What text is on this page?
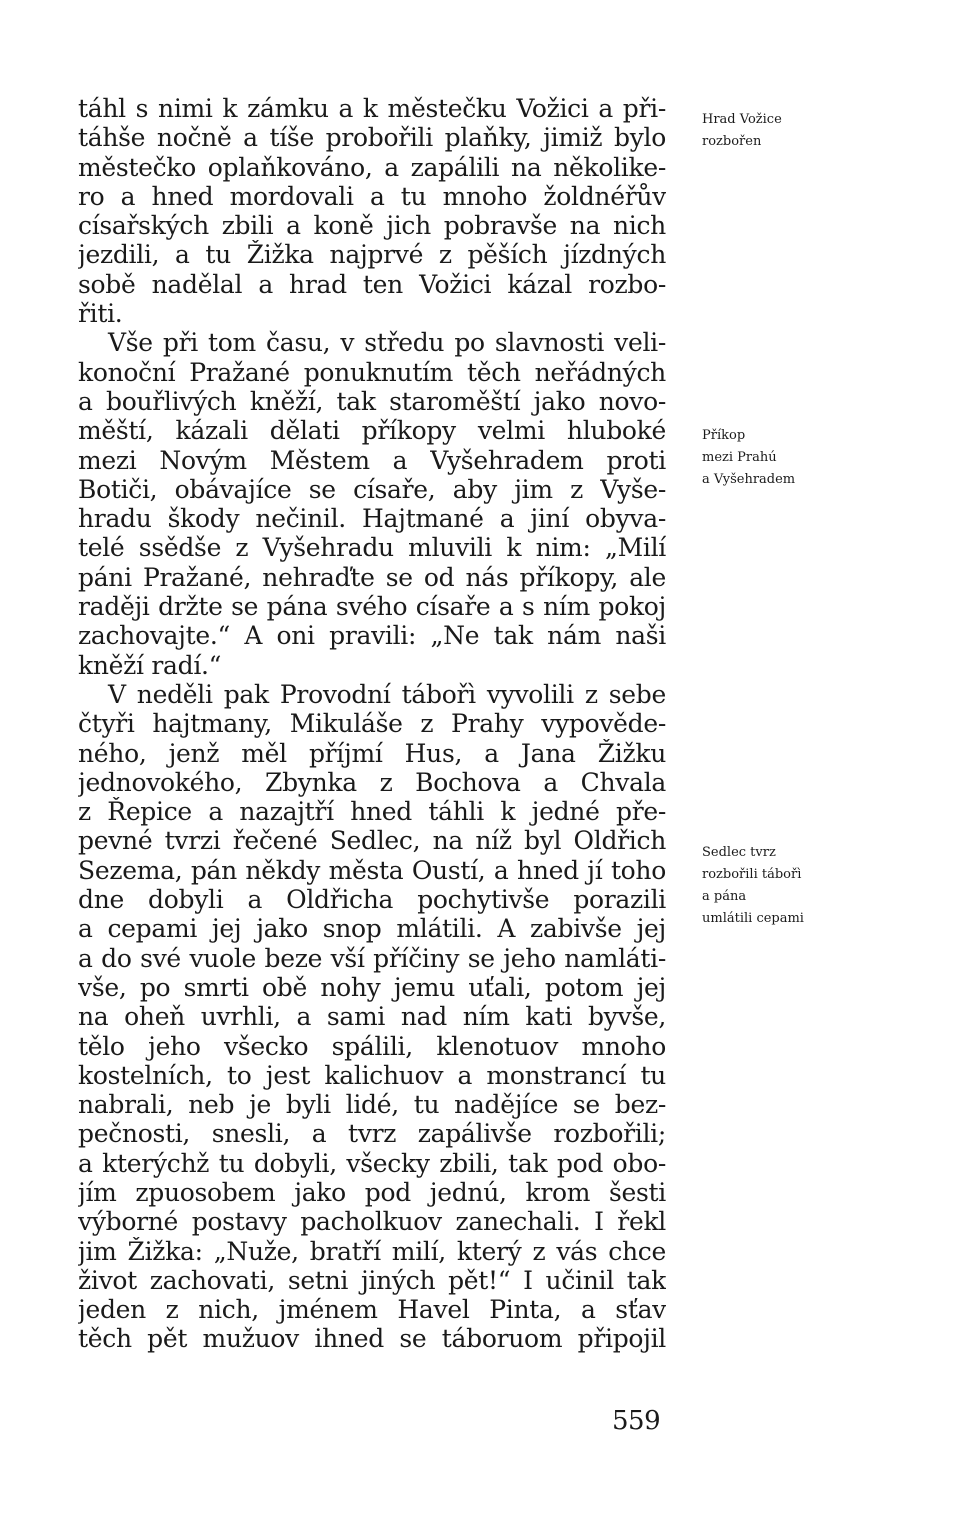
táhl s nimi k zámku a k městečku Vožici a při-
táhše nočně a tíše probořili plaňky, jimiž bylo
městečko oplaňkováno, a zapálili na několike-
ro a hned mordovali a tu mnoho žoldnéřův
císařských zbili a koně jich pobravše na nich
jezdili, a tu Žižka najprvé z pěších jízdných
sobě nadělal a hrad ten Vožici kázal rozbo-
řiti.
Vše při tom času, v středu po slavnosti veli-
konoční Pražané ponuknutím těch neřádných
a bouřlivých kněží, tak staroměští jako novo-
měští, kázali dělati příkopy velmi hluboké
mezi Novým Městem a Vyšehradem proti
Botiči, obávajíce se císaře, aby jim z Vyše-
hradu škody nečinil. Hajtmané a jiní obyva-
telé ssědše z Vyšehradu mluvili k nim: „Milí
páni Pražané, nehraďte se od nás příkopy, ale
raději držte se pána svého císaře a s ním pokoj
zachovajte.“ A oni pravili: „Ne tak nám naši
kněží radí.“
V neděli pak Provodní tábořì vyvolili z sebe
čtyři hajtmany, Mikuláše z Prahy vypověde-
ného, jenž měl příjmí Hus, a Jana Žižku
jednovokého, Zbynka z Bochova a Chvala
z Řepice a nazajtří hned táhli k jedné pře-
pevné tvrzi řečené Sedlec, na níž byl Oldřich
Sezema, pán někdy města Oustí, a hned jí toho
dne dobyli a Oldřicha pochytivše porazili
a cepami jej jako snop mlátili. A zabivše jej
a do své vuole beze vší příčiny se jeho namláti-
vše, po smrti obě nohy jemu uťali, potom jej
na oheň uvrhli, a sami nad ním kati byvše,
tělo jeho všecko spálili, klenotuov mnoho
kostelních, to jest kalichuov a monstrancí tu
nabrali, neb je byli lidé, tu nadějíce se bez-
pečnosti, snesli, a tvrz zapálivše rozbořili;
a kterýchž tu dobyli, všecky zbili, tak pod obo-
jím zpuosobem jako pod jednú, krom šesti
výborné postavy pacholkuov zanechali. I řekl
jim Žižka: „Nuže, bratří milí, který z vás chce
život zachovati, setni jiných pět!“ I učinil tak
jeden z nich, jménem Havel Pinta, a sťav
těch pět mužuov ihned se táboruom připojil
Hrad Vožice
rozbořen
Příkop
mezi Prahú
a Vyšehradem
Sedlec tvrz
rozbořili tábořì
a pána
umlátili cepami
559
